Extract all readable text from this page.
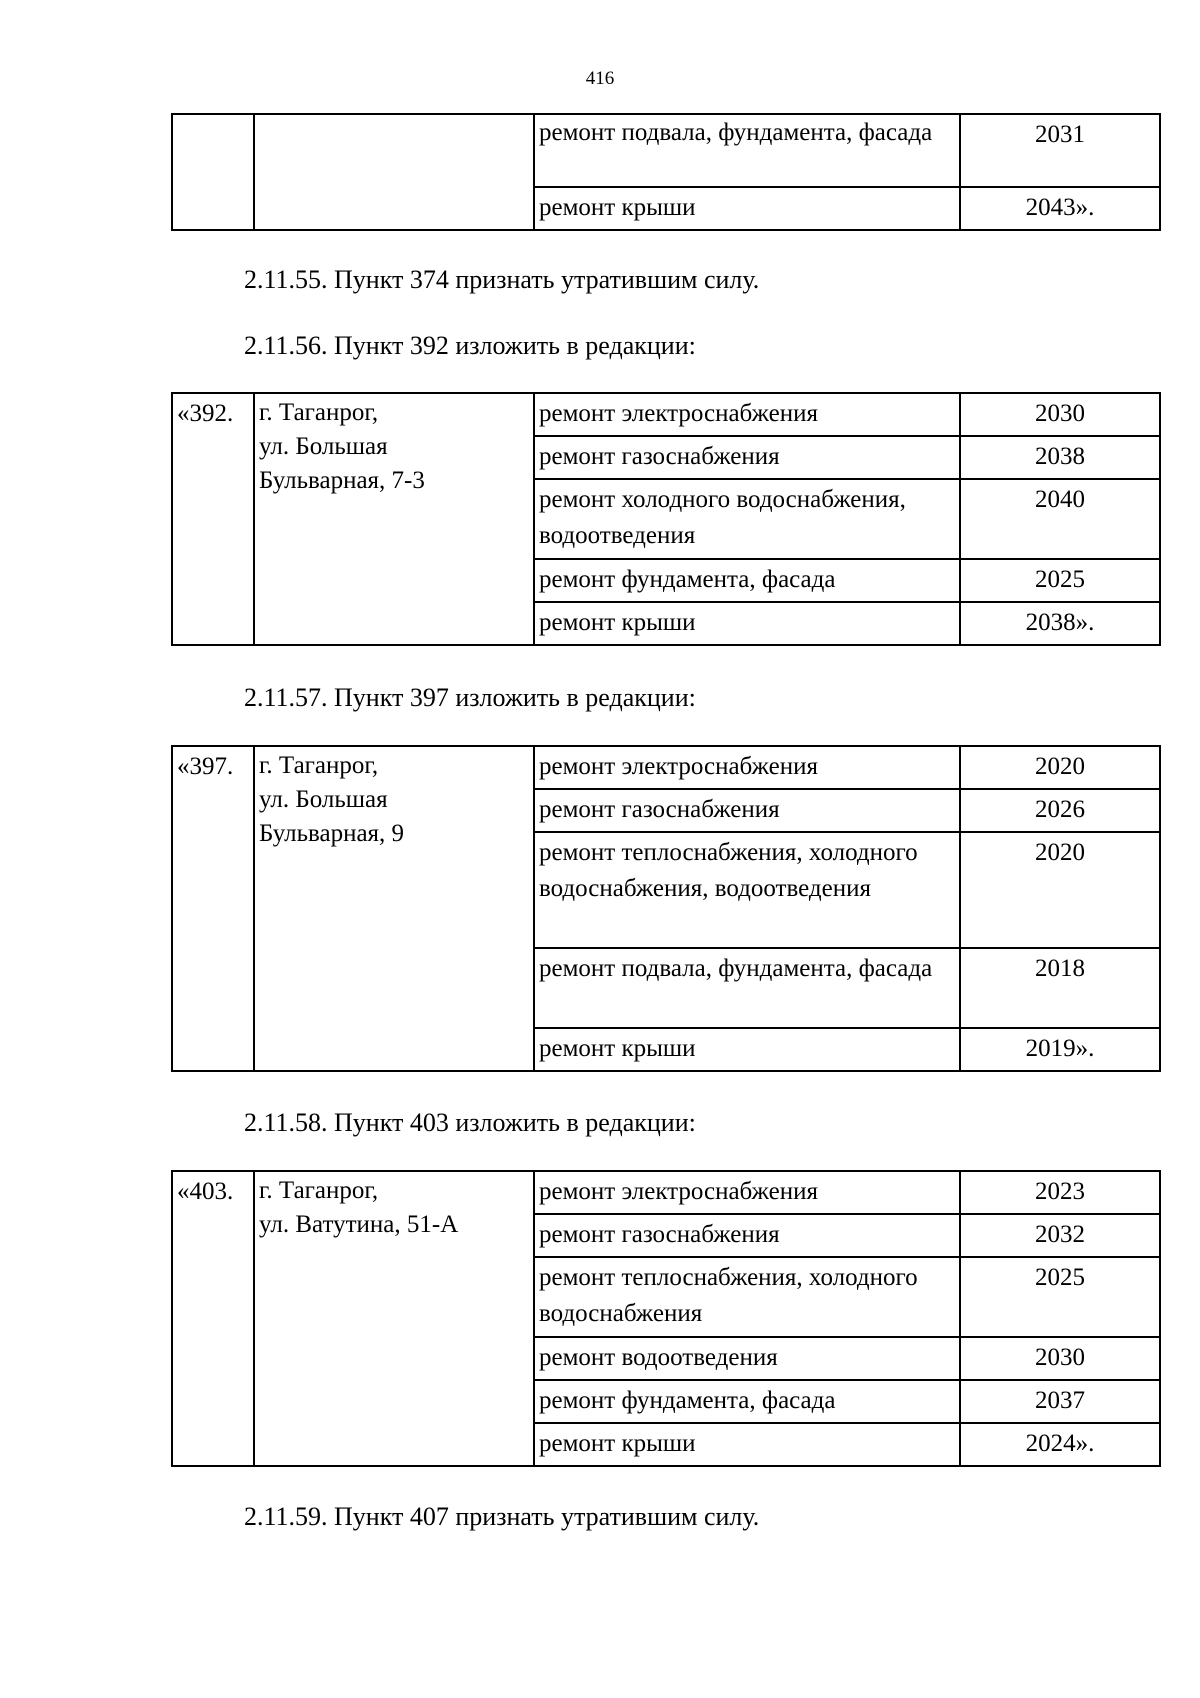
416
		ремонт подвала, фундамента, фасада	2031
		ремонт крыши	2043».
2.11.55. Пункт 374 признать утратившим силу.
2.11.56. Пункт 392 изложить в редакции:
«392.	г. Таганрог,
ул. Большая
Бульварная, 7-3	ремонт электроснабжения	2030
		ремонт газоснабжения	2038
		ремонт холодного водоснабжения, водоотведения	2040
		ремонт фундамента, фасада	2025
		ремонт крыши	2038».
2.11.57. Пункт 397 изложить в редакции:
«397.	г. Таганрог,
ул. Большая
Бульварная, 9	ремонт электроснабжения	2020
		ремонт газоснабжения	2026
		ремонт теплоснабжения, холодного водоснабжения, водоотведения	2020
		ремонт подвала, фундамента, фасада	2018
		ремонт крыши	2019».
2.11.58. Пункт 403 изложить в редакции:
«403.	г. Таганрог,
ул. Ватутина, 51-А	ремонт электроснабжения	2023
		ремонт газоснабжения	2032
		ремонт теплоснабжения, холодного водоснабжения	2025
		ремонт водоотведения	2030
		ремонт фундамента, фасада	2037
		ремонт крыши	2024».
2.11.59. Пункт 407 признать утратившим силу.
